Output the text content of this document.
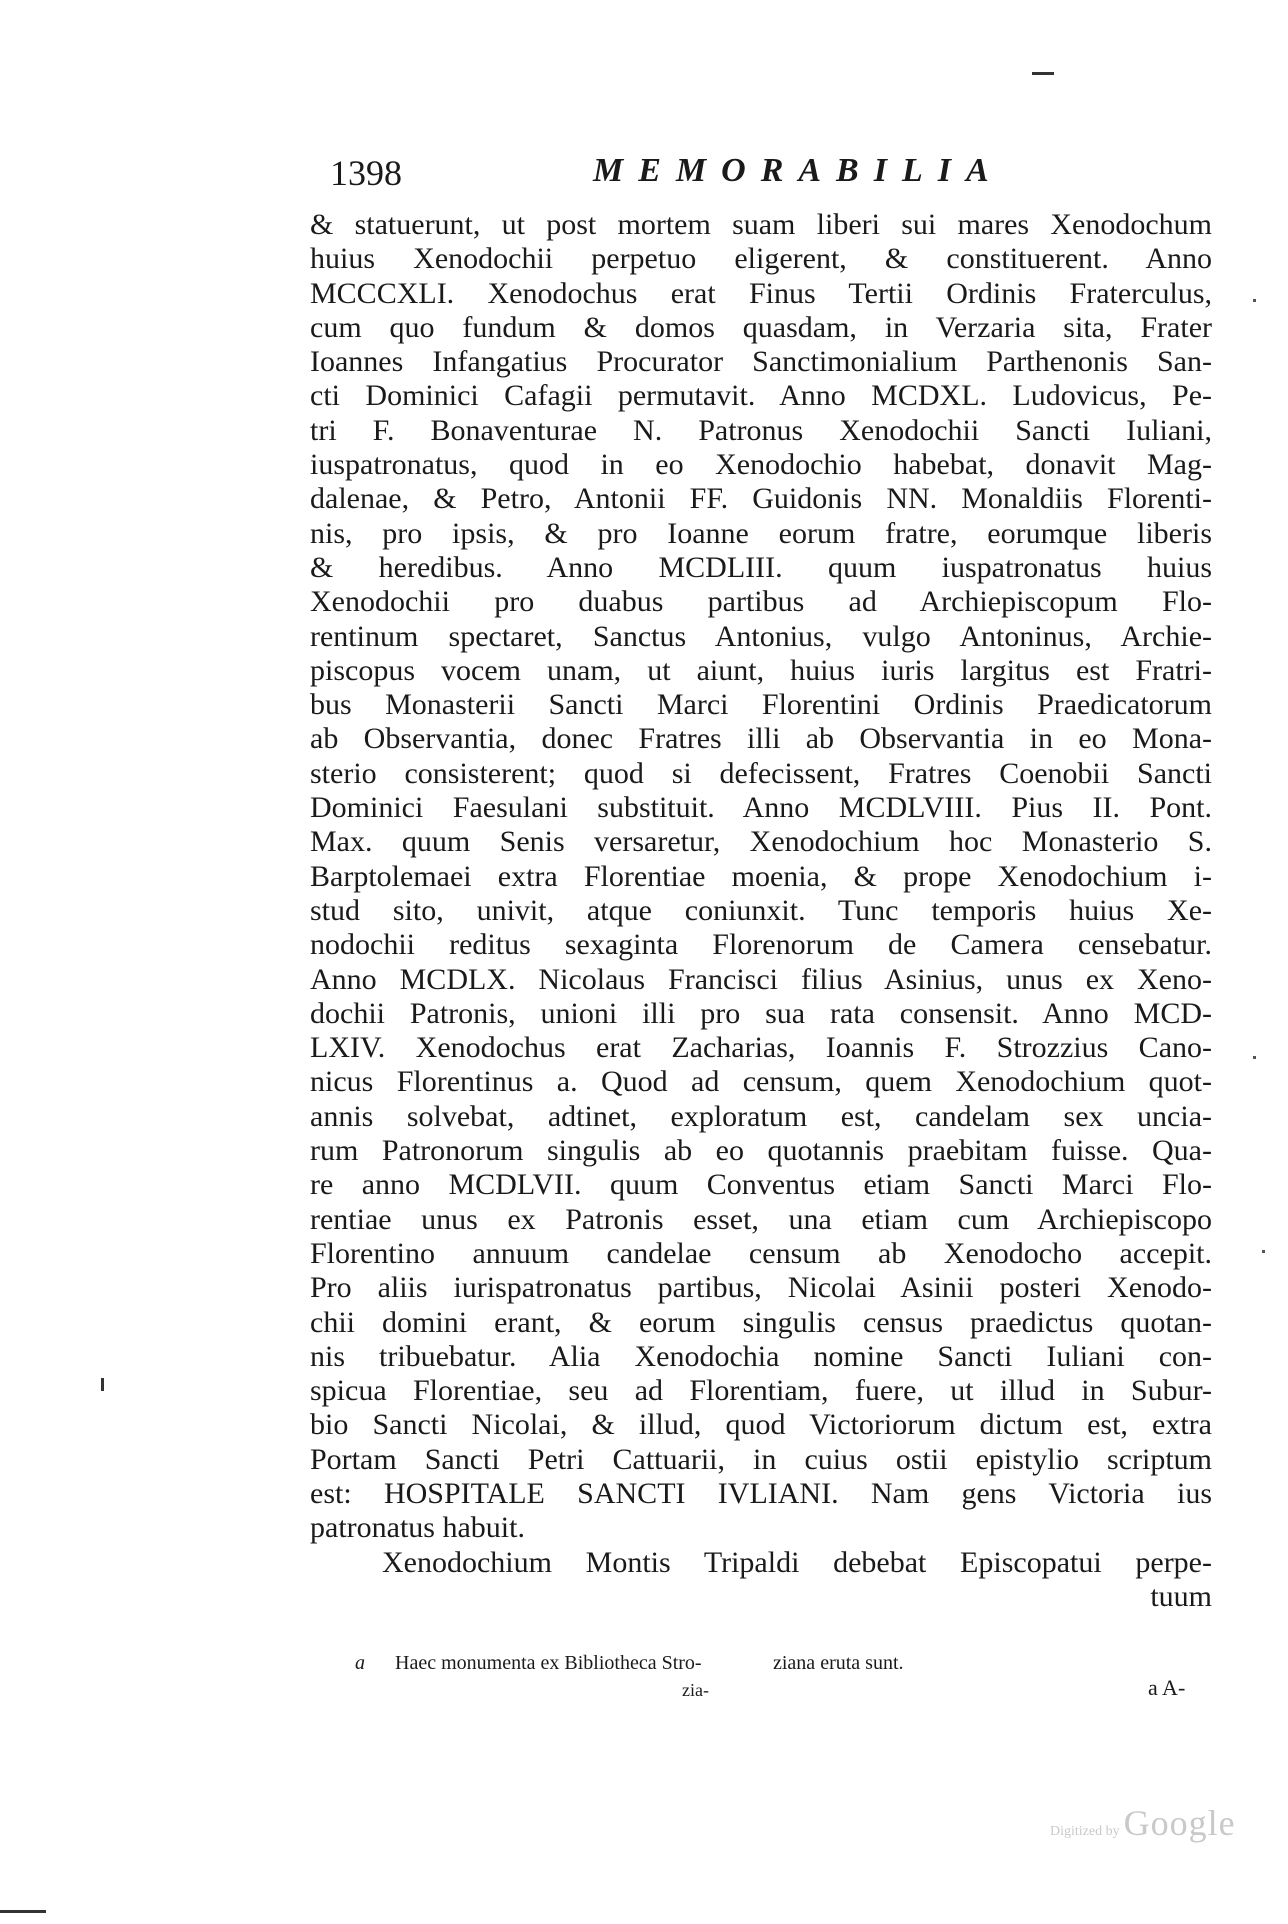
1398	MEMORABILIA
& statuerunt, ut post mortem suam liberi sui mares Xenodochum
huius Xenodochii perpetuo eligerent, & constituerent. Anno
MCCCXLI. Xenodochus erat Finus Tertii Ordinis Fraterculus,
cum quo fundum & domos quasdam, in Verzaria sita, Frater
Ioannes Infangatius Procurator Sanctimonialium Parthenonis San-
cti Dominici Cafagii permutavit. Anno MCDXL. Ludovicus, Pe-
tri F. Bonaventurae N. Patronus Xenodochii Sancti Iuliani,
iuspatronatus, quod in eo Xenodochio habebat, donavit Mag-
dalenae, & Petro, Antonii FF. Guidonis NN. Monaldiis Florenti-
nis, pro ipsis, & pro Ioanne eorum fratre, eorumque liberis
& heredibus. Anno MCDLIII. quum iuspatronatus huius
Xenodochii pro duabus partibus ad Archiepiscopum Flo-
rentinum spectaret, Sanctus Antonius, vulgo Antoninus, Archie-
piscopus vocem unam, ut aiunt, huius iuris largitus est Fratri-
bus Monasterii Sancti Marci Florentini Ordinis Praedicatorum
ab Observantia, donec Fratres illi ab Observantia in eo Mona-
sterio consisterent; quod si defecissent, Fratres Coenobii Sancti
Dominici Faesulani substituit. Anno MCDLVIII. Pius II. Pont.
Max. quum Senis versaretur, Xenodochium hoc Monasterio S.
Barptolemaei extra Florentiae moenia, & prope Xenodochium i-
stud sito, univit, atque coniunxit. Tunc temporis huius Xe-
nodochii reditus sexaginta Florenorum de Camera censebatur.
Anno MCDLX. Nicolaus Francisci filius Asinius, unus ex Xeno-
dochii Patronis, unioni illi pro sua rata consensit. Anno MCD-
LXIV. Xenodochus erat Zacharias, Ioannis F. Strozzius Cano-
nicus Florentinus a. Quod ad censum, quem Xenodochium quot-
annis solvebat, adtinet, exploratum est, candelam sex uncia-
rum Patronorum singulis ab eo quotannis praebitam fuisse. Qua-
re anno MCDLVII. quum Conventus etiam Sancti Marci Flo-
rentiae unus ex Patronis esset, una etiam cum Archiepiscopo
Florentino annuum candelae censum ab Xenodocho accepit.
Pro aliis iurispatronatus partibus, Nicolai Asinii posteri Xenodo-
chii domini erant, & eorum singulis census praedictus quotan-
nis tribuebatur. Alia Xenodochia nomine Sancti Iuliani con-
spicua Florentiae, seu ad Florentiam, fuere, ut illud in Subur-
bio Sancti Nicolai, & illud, quod Victoriorum dictum est, extra
Portam Sancti Petri Cattuarii, in cuius ostii epistylio scriptum
est: HOSPITALE SANCTI IVLIANI. Nam gens Victoria ius
patronatus habuit.
Xenodochium Montis Tripaldi debebat Episcopatui perpe-
tuum
a Haec monumenta ex Bibliotheca Stro-	ziana eruta sunt.
zia-	a A-
Digitized by Google
